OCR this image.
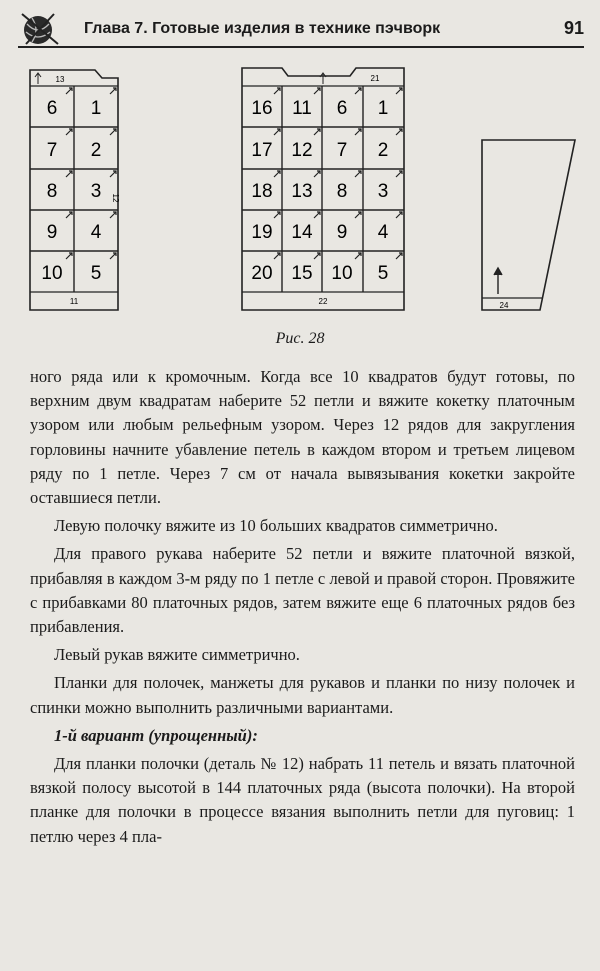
Глава 7. Готовые изделия в технике пэчворк	91
13
11
12
6 1
7 2
8 3
9 4
10 5
21
22
16 11 6 1
17 12 7 2
18 13 8 3
19 14 9 4
20 15 10 5
24
Рис. 28

ного ряда или к кромочным. Когда все 10 квадратов будут готовы, по верхним двум квадратам наберите 52 петли и вяжите кокетку платочным узором или любым рельефным узором. Через 12 рядов для закругления горловины начните убавление петель в каждом втором и третьем лицевом ряду по 1 петле. Через 7 см от начала вывязывания кокетки закройте оставшиеся петли.

Левую полочку вяжите из 10 больших квадратов симметрично.

Для правого рукава наберите 52 петли и вяжите платочной вязкой, прибавляя в каждом 3-м ряду по 1 петле с левой и правой сторон. Провяжите с прибавками 80 платочных рядов, затем вяжите еще 6 платочных рядов без прибавления.

Левый рукав вяжите симметрично.

Планки для полочек, манжеты для рукавов и планки по низу полочек и спинки можно выполнить различными вариантами.

1-й вариант (упрощенный):

Для планки полочки (деталь № 12) набрать 11 петель и вязать платочной вязкой полосу высотой в 144 платочных ряда (высота полочки). На второй планке для полочки в процессе вязания выполнить петли для пуговиц: 1 петлю через 4 пла-
